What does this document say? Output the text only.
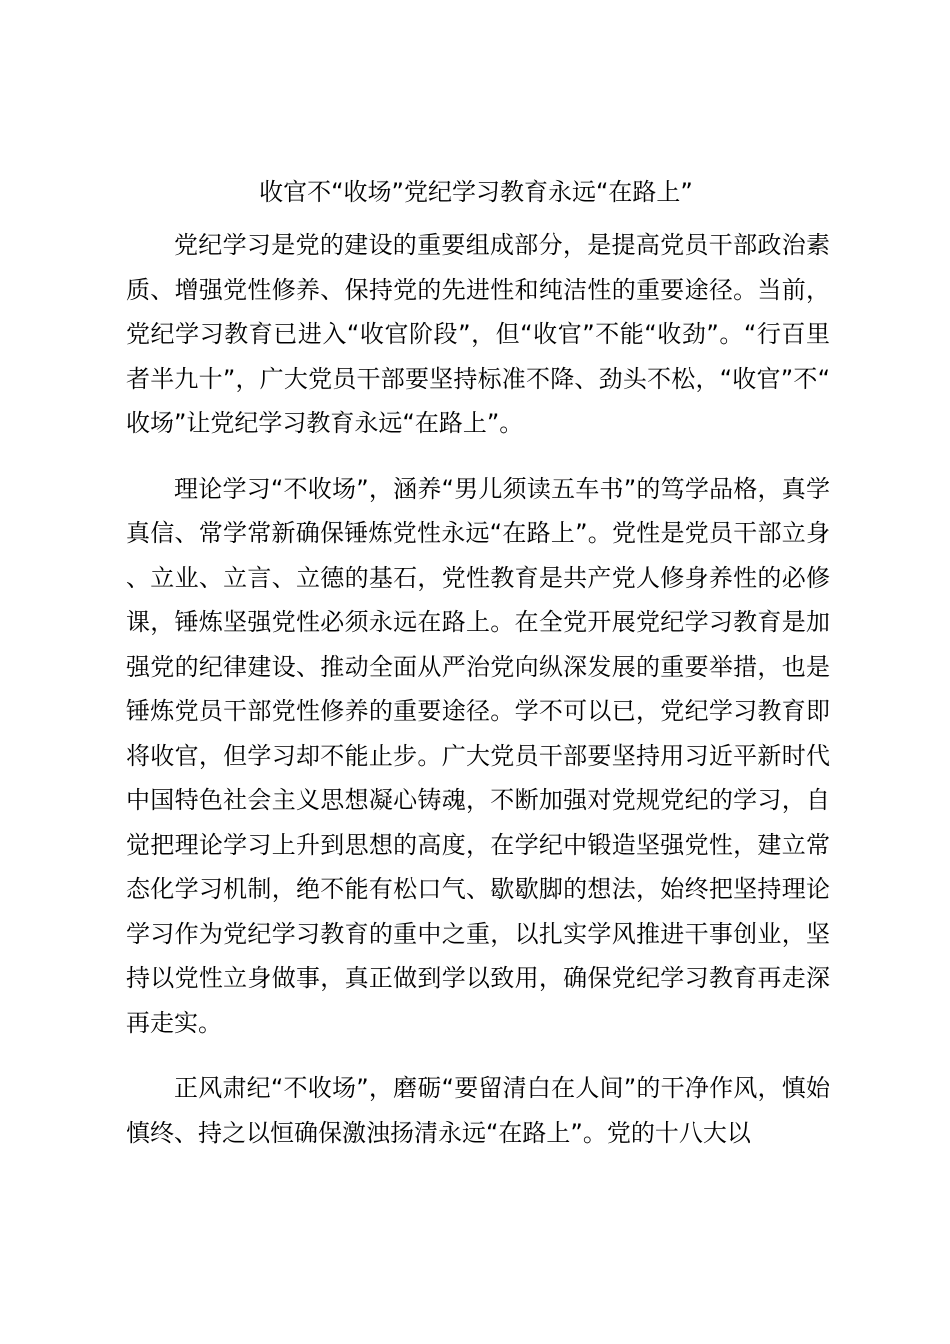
收官不“收场”党纪学习教育永远“在路上”

党纪学习是党的建设的重要组成部分，是提高党员干部政治素质、增强党性修养、保持党的先进性和纯洁性的重要途径。当前，党纪学习教育已进入“收官阶段”，但“收官”不能“收劲”。“行百里者半九十”，广大党员干部要坚持标准不降、劲头不松，“收官”不“收场”让党纪学习教育永远“在路上”。

理论学习“不收场”，涵养“男儿须读五车书”的笃学品格，真学真信、常学常新确保锤炼党性永远“在路上”。党性是党员干部立身、立业、立言、立德的基石，党性教育是共产党人修身养性的必修课，锤炼坚强党性必须永远在路上。在全党开展党纪学习教育是加强党的纪律建设、推动全面从严治党向纵深发展的重要举措，也是锤炼党员干部党性修养的重要途径。学不可以已，党纪学习教育即将收官，但学习却不能止步。广大党员干部要坚持用习近平新时代中国特色社会主义思想凝心铸魂，不断加强对党规党纪的学习，自觉把理论学习上升到思想的高度，在学纪中锻造坚强党性，建立常态化学习机制，绝不能有松口气、歇歇脚的想法，始终把坚持理论学习作为党纪学习教育的重中之重，以扎实学风推进干事创业，坚持以党性立身做事，真正做到学以致用，确保党纪学习教育再走深再走实。

正风肃纪“不收场”，磨砺“要留清白在人间”的干净作风，慎始慎终、持之以恒确保激浊扬清永远“在路上”。党的十八大以
